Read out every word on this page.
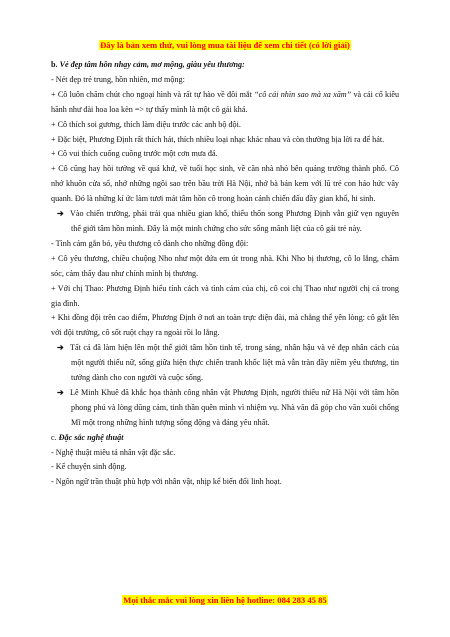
Đây là bản xem thử, vui lòng mua tài liệu để xem chi tiết (có lời giải)

b. Vẻ đẹp tâm hồn nhạy cảm, mơ mộng, giàu yêu thương:

- Nét đẹp trẻ trung, hồn nhiên, mơ mộng:

+ Cô luôn chăm chút cho ngoại hình và rất tự hào về đôi mắt “cô cái nhìn sao mà xa xăm” và cái cổ kiêu hãnh như đài hoa loa kèn => tự thấy mình là một cô gái khá.

+ Cô thích soi gương, thích làm điệu trước các anh bộ đội.

+ Đặc biệt, Phương Định rất thích hát, thích nhiều loại nhạc khác nhau và còn thường bịa lời ra để hát.

+ Cô vui thích cuống cuồng trước một cơn mưa đá.

+ Cô cũng hay hồi tưởng về quá khứ, về tuổi học sinh, về căn nhà nhỏ bên quảng trường thành phố. Cô nhớ khuôn cửa sổ, nhớ những ngôi sao trên bầu trời Hà Nội, nhớ bà bán kem với lũ trẻ con háo hức vây quanh. Đó là những kí ức làm tươi mát tâm hồn cô trong hoàn cảnh chiến đấu đầy gian khổ, hi sinh.

➔ Vào chiến trường, phải trải qua nhiều gian khổ, thiếu thốn song Phương Định vẫn giữ vẹn nguyên thế giới tâm hồn mình. Đây là một minh chứng cho sức sống mãnh liệt của cô gái trẻ này.

- Tình cảm gắn bó, yêu thương cô dành cho những đồng đội:

+ Cô yêu thương, chiều chuộng Nho như một đứa em út trong nhà. Khi Nho bị thương, cô lo lắng, chăm sóc, cảm thấy đau như chính mình bị thương.

+ Với chị Thao: Phương Định hiểu tính cách và tình cảm của chị, cô coi chị Thao như người chị cả trong gia đình.

+ Khi đồng đội trên cao điểm, Phương Định ở nơi an toàn trực điện đài, mà chẳng thể yên lòng: cô gắt lên với đội trưởng, cô sốt ruột chạy ra ngoài rồi lo lắng.

➔ Tất cả đã làm hiện lên một thế giới tâm hồn tinh tế, trong sáng, nhân hậu và vẻ đẹp nhân cách của một người thiếu nữ, sống giữa hiện thực chiến tranh khốc liệt mà vẫn tràn đầy niềm yêu thương, tin tưởng dành cho con người và cuộc sống.

➔ Lê Minh Khuê đã khắc họa thành công nhân vật Phương Định, người thiếu nữ Hà Nội với tâm hồn phong phú và lòng dũng cảm, tinh thần quên mình vì nhiệm vụ. Nhà văn đã góp cho văn xuôi chống Mĩ một trong những hình tượng sống động và đáng yêu nhất.

c. Đặc sắc nghệ thuật

- Nghệ thuật miêu tả nhân vật đặc sắc.

- Kể chuyện sinh động.

- Ngôn ngữ trần thuật phù hợp với nhân vật, nhịp kể biến đổi linh hoạt.

Mọi thắc mắc vui lòng xin liên hệ hotline: 084 283 45 85
